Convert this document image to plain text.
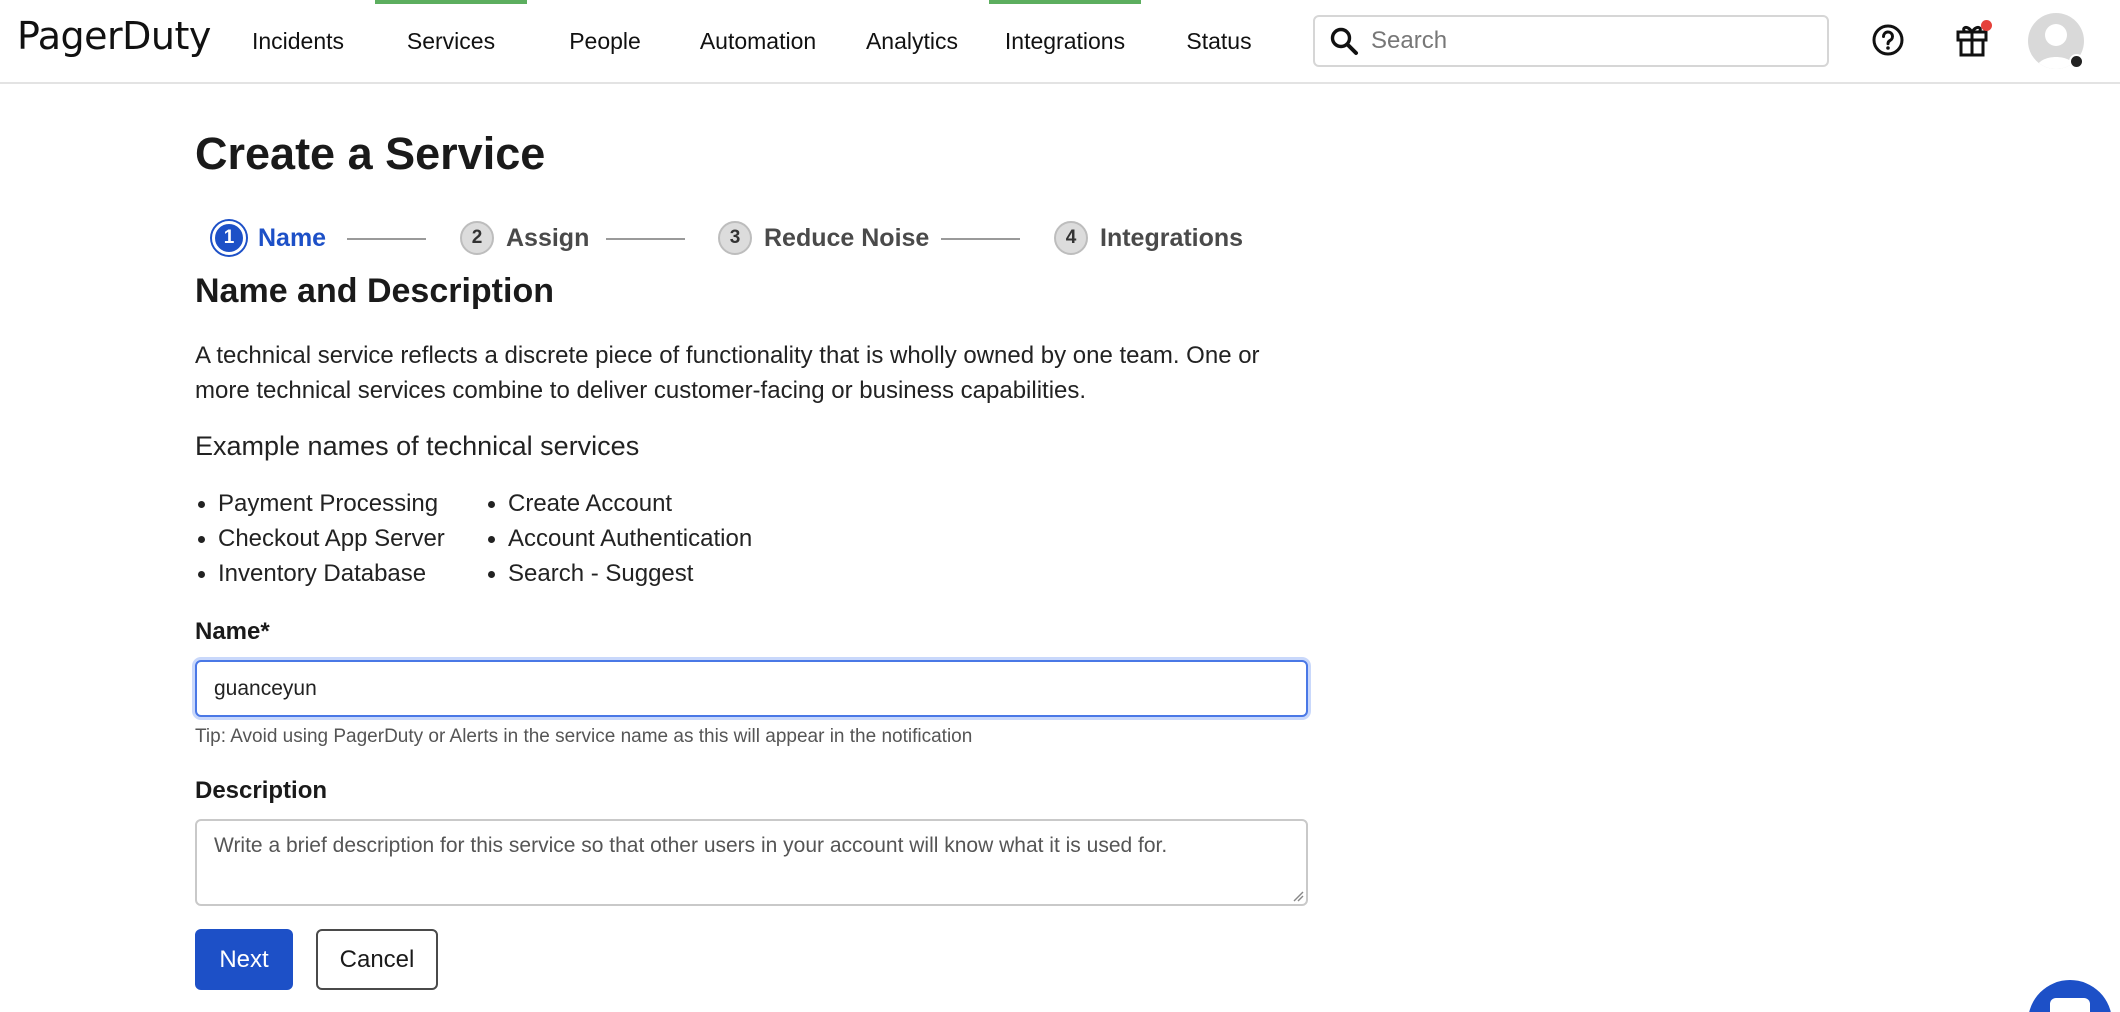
PagerDuty	Incidents	Services	People	Automation	Analytics	Integrations	Status
Search
Create a Service
1 Name	2 Assign	3 Reduce Noise	4 Integrations
Name and Description
A technical service reflects a discrete piece of functionality that is wholly owned by one team. One or more technical services combine to deliver customer-facing or business capabilities.
Example names of technical services
Payment Processing
Checkout App Server
Inventory Database
Create Account
Account Authentication
Search - Suggest
Name*
guanceyun
Tip: Avoid using PagerDuty or Alerts in the service name as this will appear in the notification
Description
Write a brief description for this service so that other users in your account will know what it is used for.
Next	Cancel
